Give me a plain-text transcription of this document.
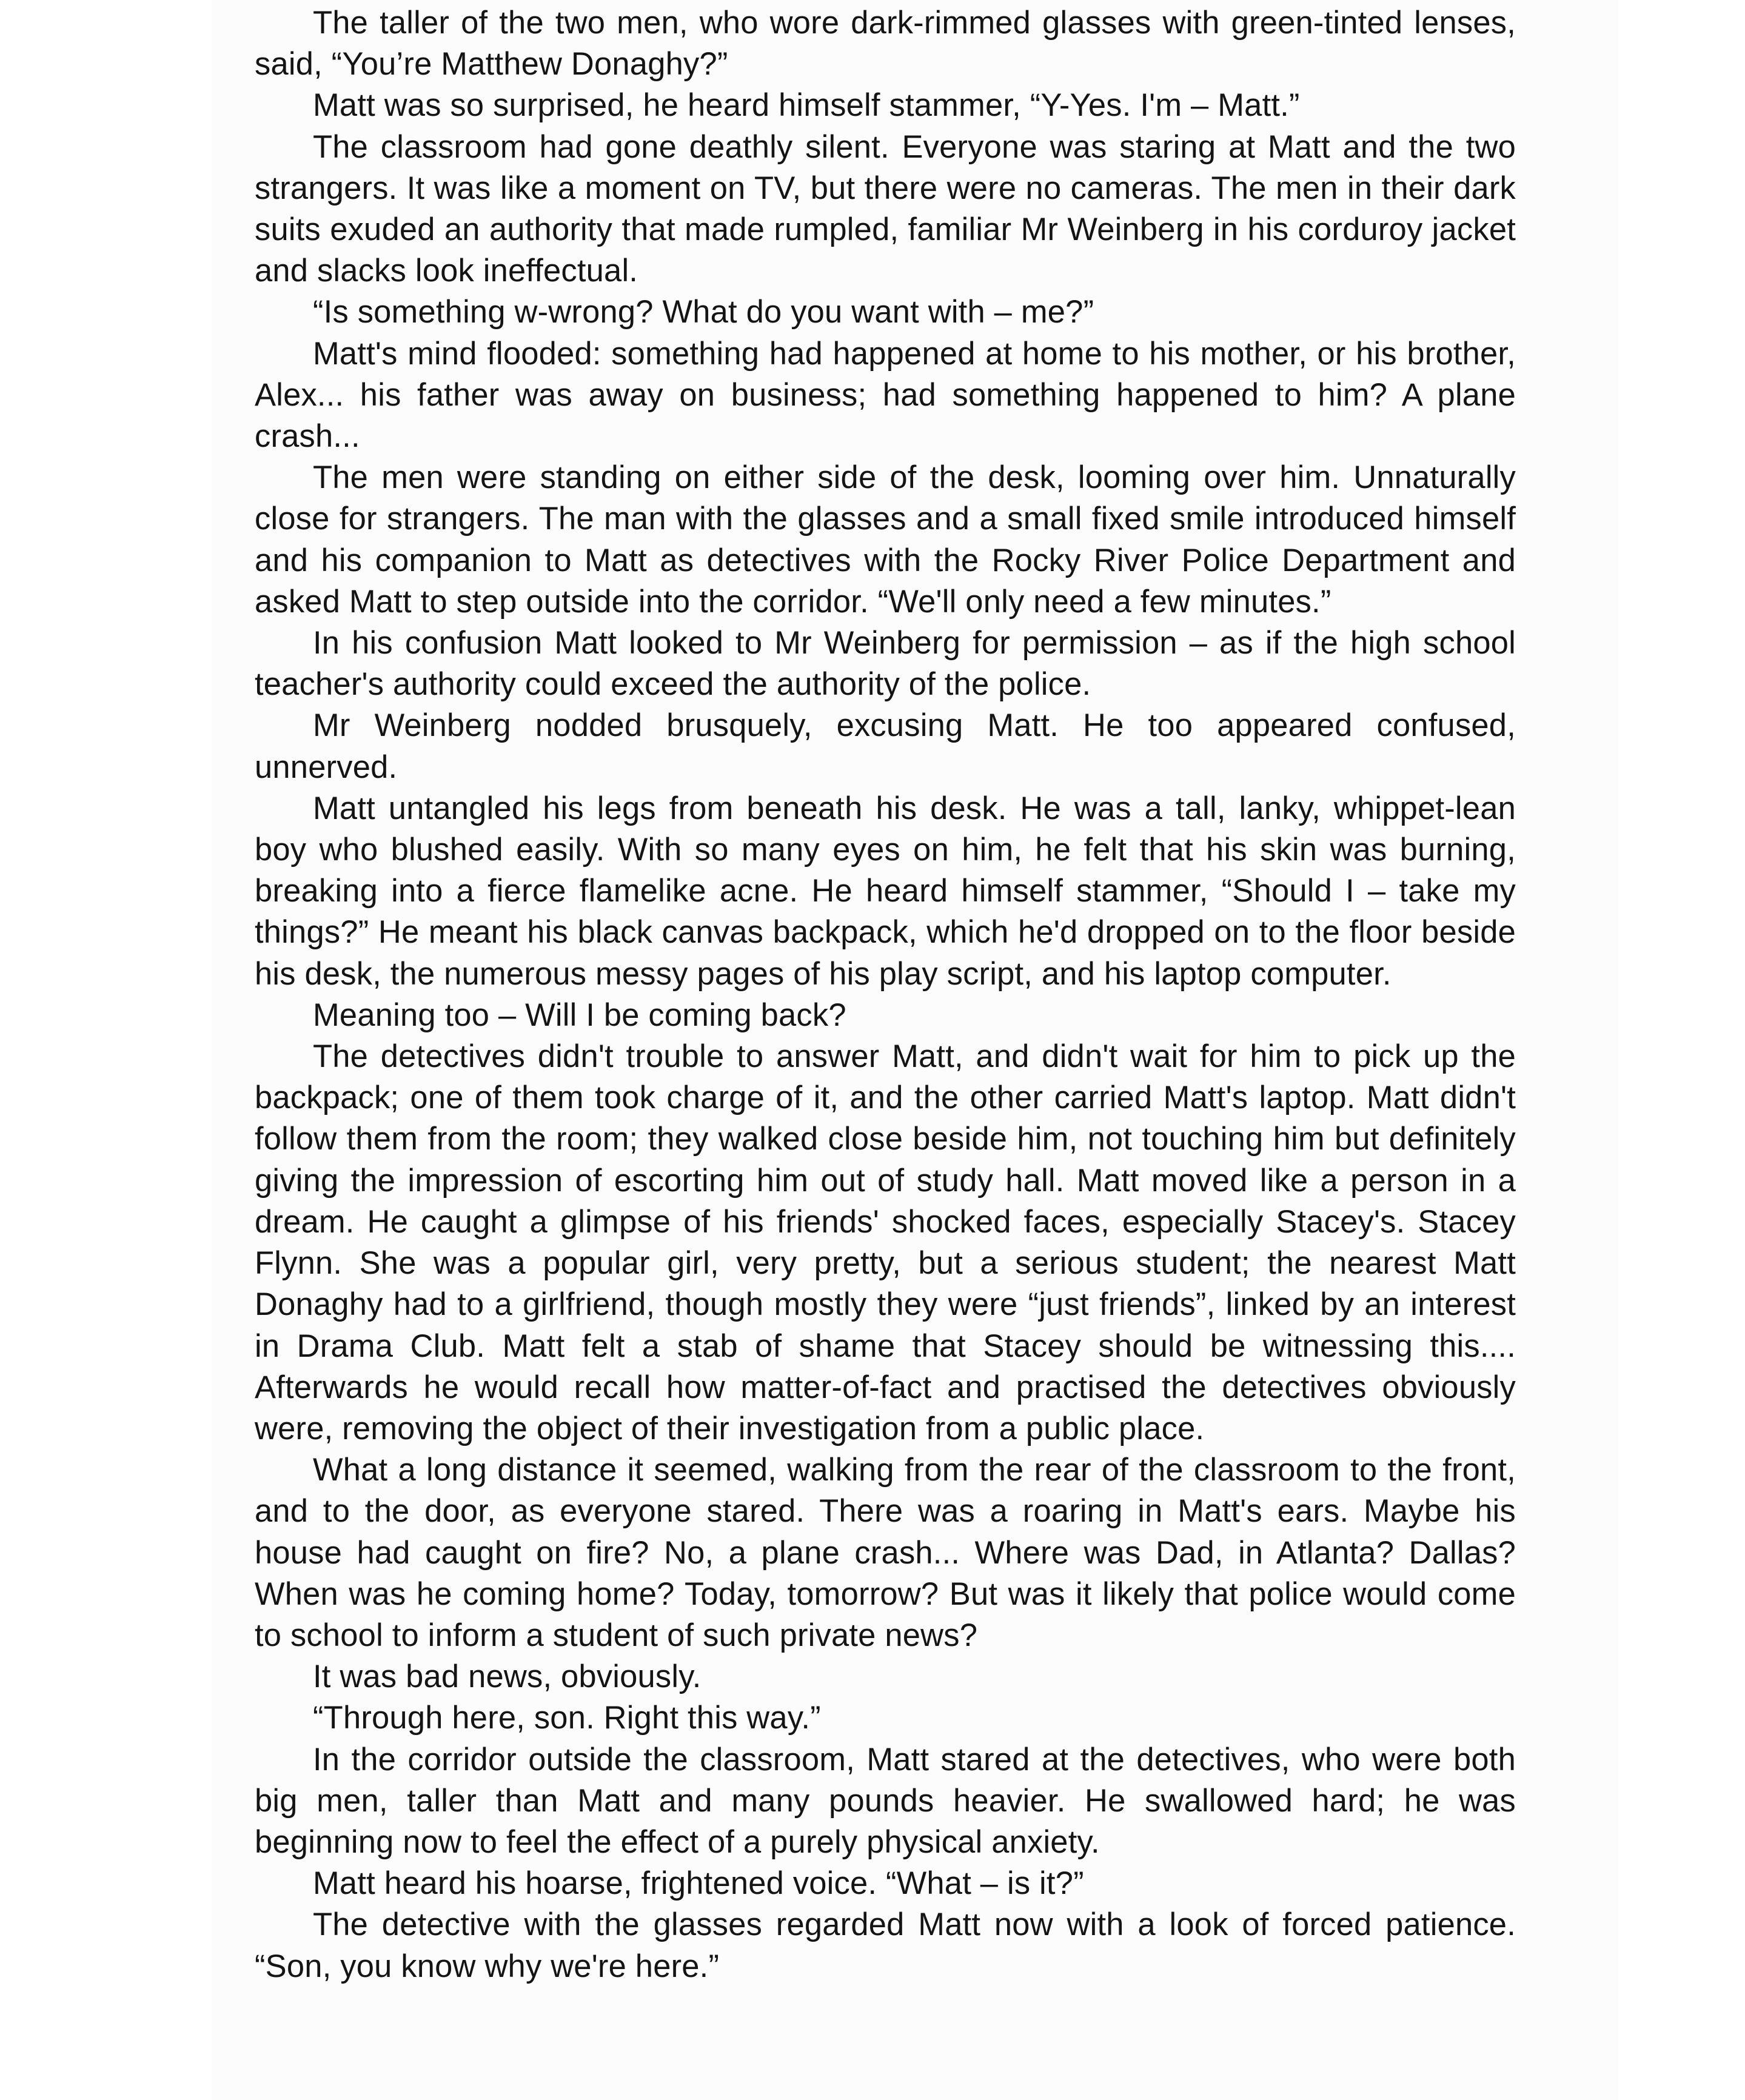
The taller of the two men, who wore dark-rimmed glasses with green-tinted lenses, said, “You’re Matthew Donaghy?”

Matt was so surprised, he heard himself stammer, “Y-Yes. I'm – Matt.”

The classroom had gone deathly silent. Everyone was staring at Matt and the two strangers. It was like a moment on TV, but there were no cameras. The men in their dark suits exuded an authority that made rumpled, familiar Mr Weinberg in his corduroy jacket and slacks look ineffectual.

“Is something w-wrong? What do you want with – me?”

Matt's mind flooded: something had happened at home to his mother, or his brother, Alex... his father was away on business; had something happened to him? A plane crash...

The men were standing on either side of the desk, looming over him. Unnaturally close for strangers. The man with the glasses and a small fixed smile introduced himself and his companion to Matt as detectives with the Rocky River Police Department and asked Matt to step outside into the corridor. “We'll only need a few minutes.”

In his confusion Matt looked to Mr Weinberg for permission – as if the high school teacher's authority could exceed the authority of the police.

Mr Weinberg nodded brusquely, excusing Matt. He too appeared confused, unnerved.

Matt untangled his legs from beneath his desk. He was a tall, lanky, whippet-lean boy who blushed easily. With so many eyes on him, he felt that his skin was burning, breaking into a fierce flamelike acne. He heard himself stammer, “Should I – take my things?” He meant his black canvas backpack, which he'd dropped on to the floor beside his desk, the numerous messy pages of his play script, and his laptop computer.

Meaning too – Will I be coming back?

The detectives didn't trouble to answer Matt, and didn't wait for him to pick up the backpack; one of them took charge of it, and the other carried Matt's laptop. Matt didn't follow them from the room; they walked close beside him, not touching him but definitely giving the impression of escorting him out of study hall. Matt moved like a person in a dream. He caught a glimpse of his friends' shocked faces, especially Stacey's. Stacey Flynn. She was a popular girl, very pretty, but a serious student; the nearest Matt Donaghy had to a girlfriend, though mostly they were “just friends”, linked by an interest in Drama Club. Matt felt a stab of shame that Stacey should be witnessing this.... Afterwards he would recall how matter-of-fact and practised the detectives obviously were, removing the object of their investigation from a public place.

What a long distance it seemed, walking from the rear of the classroom to the front, and to the door, as everyone stared. There was a roaring in Matt's ears. Maybe his house had caught on fire? No, a plane crash... Where was Dad, in Atlanta? Dallas? When was he coming home? Today, tomorrow? But was it likely that police would come to school to inform a student of such private news?

It was bad news, obviously.

“Through here, son. Right this way.”

In the corridor outside the classroom, Matt stared at the detectives, who were both big men, taller than Matt and many pounds heavier. He swallowed hard; he was beginning now to feel the effect of a purely physical anxiety.

Matt heard his hoarse, frightened voice. “What – is it?”

The detective with the glasses regarded Matt now with a look of forced patience. “Son, you know why we're here.”
